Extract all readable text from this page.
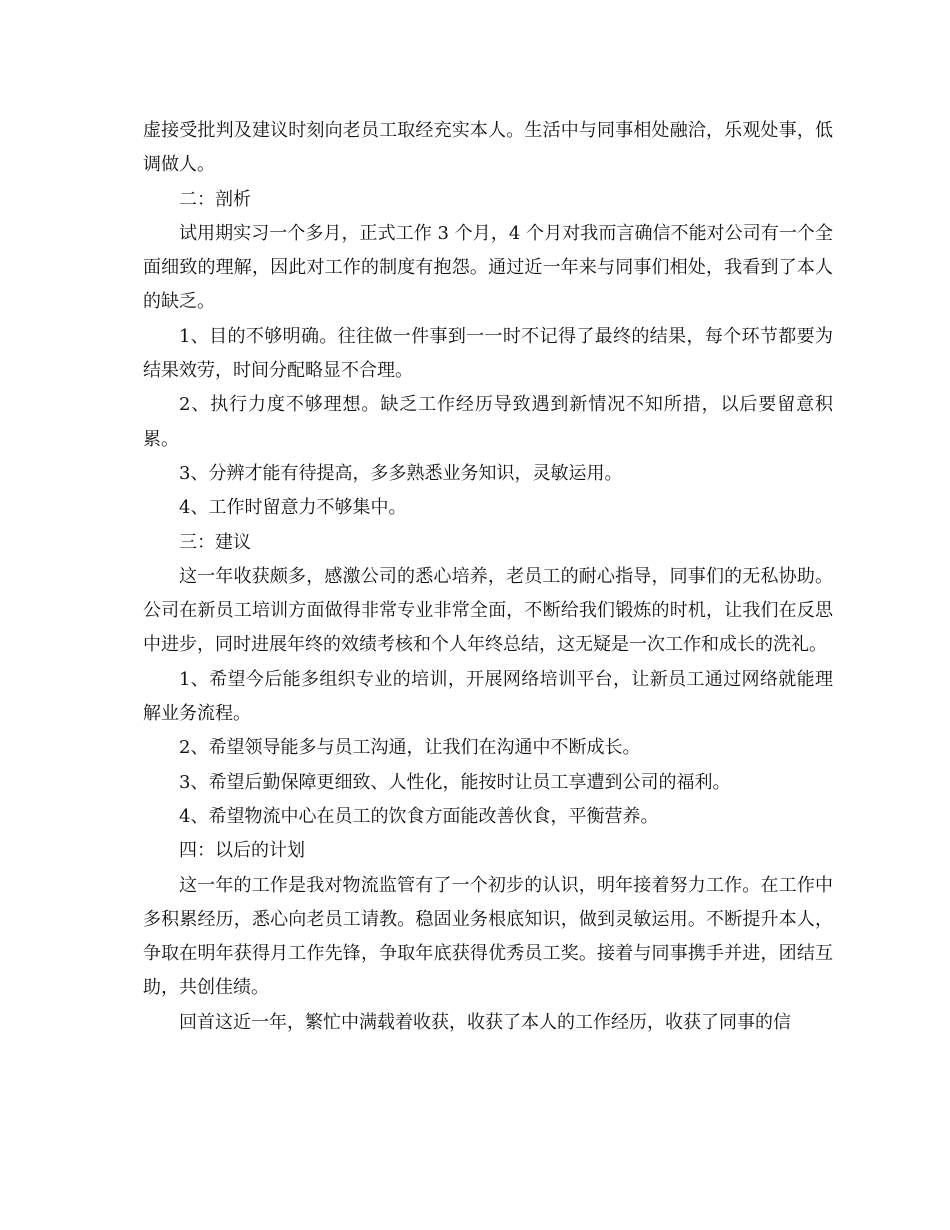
虚接受批判及建议时刻向老员工取经充实本人。生活中与同事相处融洽，乐观处事，低调做人。

二：剖析

试用期实习一个多月，正式工作 3 个月，4 个月对我而言确信不能对公司有一个全面细致的理解，因此对工作的制度有抱怨。通过近一年来与同事们相处，我看到了本人的缺乏。

1、目的不够明确。往往做一件事到一一时不记得了最终的结果，每个环节都要为结果效劳，时间分配略显不合理。

2、执行力度不够理想。缺乏工作经历导致遇到新情况不知所措，以后要留意积累。

3、分辨才能有待提高，多多熟悉业务知识，灵敏运用。

4、工作时留意力不够集中。

三：建议

这一年收获颇多，感激公司的悉心培养，老员工的耐心指导，同事们的无私协助。公司在新员工培训方面做得非常专业非常全面，不断给我们锻炼的时机，让我们在反思中进步，同时进展年终的效绩考核和个人年终总结，这无疑是一次工作和成长的洗礼。

1、希望今后能多组织专业的培训，开展网络培训平台，让新员工通过网络就能理解业务流程。

2、希望领导能多与员工沟通，让我们在沟通中不断成长。

3、希望后勤保障更细致、人性化，能按时让员工享遭到公司的福利。

4、希望物流中心在员工的饮食方面能改善伙食，平衡营养。

四：以后的计划

这一年的工作是我对物流监管有了一个初步的认识，明年接着努力工作。在工作中多积累经历，悉心向老员工请教。稳固业务根底知识，做到灵敏运用。不断提升本人，争取在明年获得月工作先锋，争取年底获得优秀员工奖。接着与同事携手并进，团结互助，共创佳绩。

回首这近一年，繁忙中满载着收获，收获了本人的工作经历，收获了同事的信
